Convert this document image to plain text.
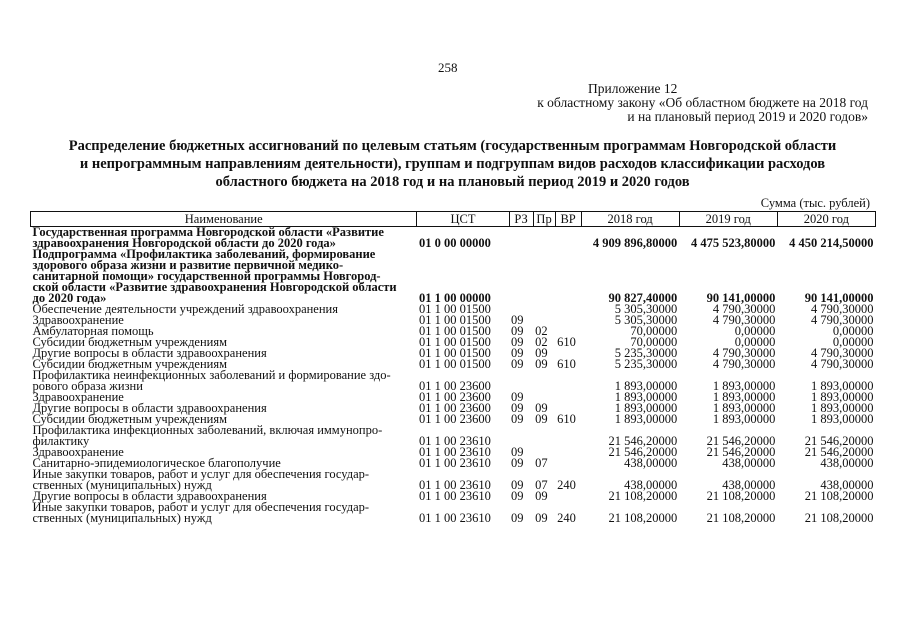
258
Приложение 12
к областному закону «Об областном бюджете на 2018 год
и на плановый период 2019 и 2020 годов»
Распределение бюджетных ассигнований по целевым статьям (государственным программам Новгородской области
и непрограммным направлениям деятельности), группам и подгруппам видов расходов классификации расходов
областного бюджета на 2018 год и на плановый период 2019 и 2020 годов
Сумма (тыс. рублей)
Наименование	ЦСТ	РЗ	Пр	ВР	2018 год	2019 год	2020 год

Государственная программа Новгородской области «Развитие
здравоохранения Новгородской области до 2020 года»	01 0 00 00000				4 909 896,80000	4 475 523,80000	4 450 214,50000

Подпрограмма «Профилактика заболеваний, формирование
здорового образа жизни и развитие первичной медико-
санитарной помощи» государственной программы Новгород-
ской области «Развитие здравоохранения Новгородской области
до 2020 года»	01 1 00 00000				90 827,40000	90 141,00000	90 141,00000

Обеспечение деятельности учреждений здравоохранения	01 1 00 01500				5 305,30000	4 790,30000	4 790,30000

Здравоохранение	01 1 00 01500	09			5 305,30000	4 790,30000	4 790,30000

Амбулаторная помощь	01 1 00 01500	09	02		70,00000	0,00000	0,00000

Субсидии бюджетным учреждениям	01 1 00 01500	09	02	610	70,00000	0,00000	0,00000

Другие вопросы в области здравоохранения	01 1 00 01500	09	09		5 235,30000	4 790,30000	4 790,30000

Субсидии бюджетным учреждениям	01 1 00 01500	09	09	610	5 235,30000	4 790,30000	4 790,30000

Профилактика неинфекционных заболеваний и формирование здо-
рового образа жизни	01 1 00 23600				1 893,00000	1 893,00000	1 893,00000

Здравоохранение	01 1 00 23600	09			1 893,00000	1 893,00000	1 893,00000

Другие вопросы в области здравоохранения	01 1 00 23600	09	09		1 893,00000	1 893,00000	1 893,00000

Субсидии бюджетным учреждениям	01 1 00 23600	09	09	610	1 893,00000	1 893,00000	1 893,00000

Профилактика инфекционных заболеваний, включая иммунопро-
филактику	01 1 00 23610				21 546,20000	21 546,20000	21 546,20000

Здравоохранение	01 1 00 23610	09			21 546,20000	21 546,20000	21 546,20000

Санитарно-эпидемиологическое благополучие	01 1 00 23610	09	07		438,00000	438,00000	438,00000

Иные закупки товаров, работ и услуг для обеспечения государ-
ственных (муниципальных) нужд	01 1 00 23610	09	07	240	438,00000	438,00000	438,00000

Другие вопросы в области здравоохранения	01 1 00 23610	09	09		21 108,20000	21 108,20000	21 108,20000

Иные закупки товаров, работ и услуг для обеспечения государ-
ственных (муниципальных) нужд	01 1 00 23610	09	09	240	21 108,20000	21 108,20000	21 108,20000
